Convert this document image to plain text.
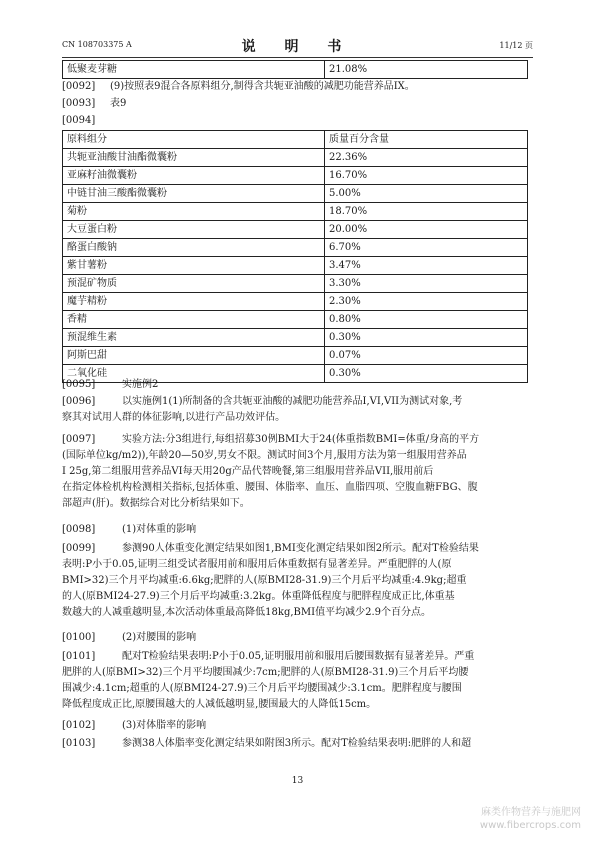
CN 108703375 A	说 明 书	11/12 页
低聚麦芽糖	21.08%
[0092] (9)按照表9混合各原料组分,制得含共轭亚油酸的减肥功能营养品IX。
[0093] 表9
[0094]
原料组分	质量百分含量
共轭亚油酸甘油酯微囊粉	22.36%
亚麻籽油微囊粉	16.70%
中链甘油三酸酯微囊粉	5.00%
菊粉	18.70%
大豆蛋白粉	20.00%
酪蛋白酸钠	6.70%
紫甘薯粉	3.47%
预混矿物质	3.30%
魔芋精粉	2.30%
香精	0.80%
预混维生素	0.30%
阿斯巴甜	0.07%
二氧化硅	0.30%
[0095]	实施例2
[0096]	以实施例1(1)所制备的含共轭亚油酸的减肥功能营养品I,VI,VII为测试对象,考
察其对试用人群的体征影响,以进行产品功效评估。
[0097]	实验方法:分3组进行,每组招募30例BMI大于24(体重指数BMI=体重/身高的平方
(国际单位kg/m2)),年龄20—50岁,男女不限。测试时间3个月,服用方法为第一组服用营养品
I 25g,第二组服用营养品VI每天用20g产品代替晚餐,第三组服用营养品VII,服用前后
在指定体检机构检测相关指标,包括体重、腰围、体脂率、血压、血脂四项、空腹血糖FBG、腹
部超声(肝)。数据综合对比分析结果如下。
[0098]	(1)对体重的影响
[0099]	参测90人体重变化测定结果如图1,BMI变化测定结果如图2所示。配对T检验结果
表明:P小于0.05,证明三组受试者服用前和服用后体重数据有显著差异。严重肥胖的人(原
BMI>32)三个月平均减重:6.6kg;肥胖的人(原BMI28-31.9)三个月后平均减重:4.9kg;超重
的人(原BMI24-27.9)三个月后平均减重:3.2kg。体重降低程度与肥胖程度成正比,体重基
数越大的人减重越明显,本次活动体重最高降低18kg,BMI值平均减少2.9个百分点。
[0100]	(2)对腰围的影响
[0101]	配对T检验结果表明:P小于0.05,证明服用前和服用后腰围数据有显著差异。严重
肥胖的人(原BMI>32)三个月平均腰围减少:7cm;肥胖的人(原BMI28-31.9)三个月后平均腰
围减少:4.1cm;超重的人(原BMI24-27.9)三个月后平均腰围减少:3.1cm。肥胖程度与腰围
降低程度成正比,原腰围越大的人减低越明显,腰围最大的人降低15cm。
[0102]	(3)对体脂率的影响
[0103]	参测38人体脂率变化测定结果如附图3所示。配对T检验结果表明:肥胖的人和超
13
麻类作物营养与施肥网
www.fibercrops.com
